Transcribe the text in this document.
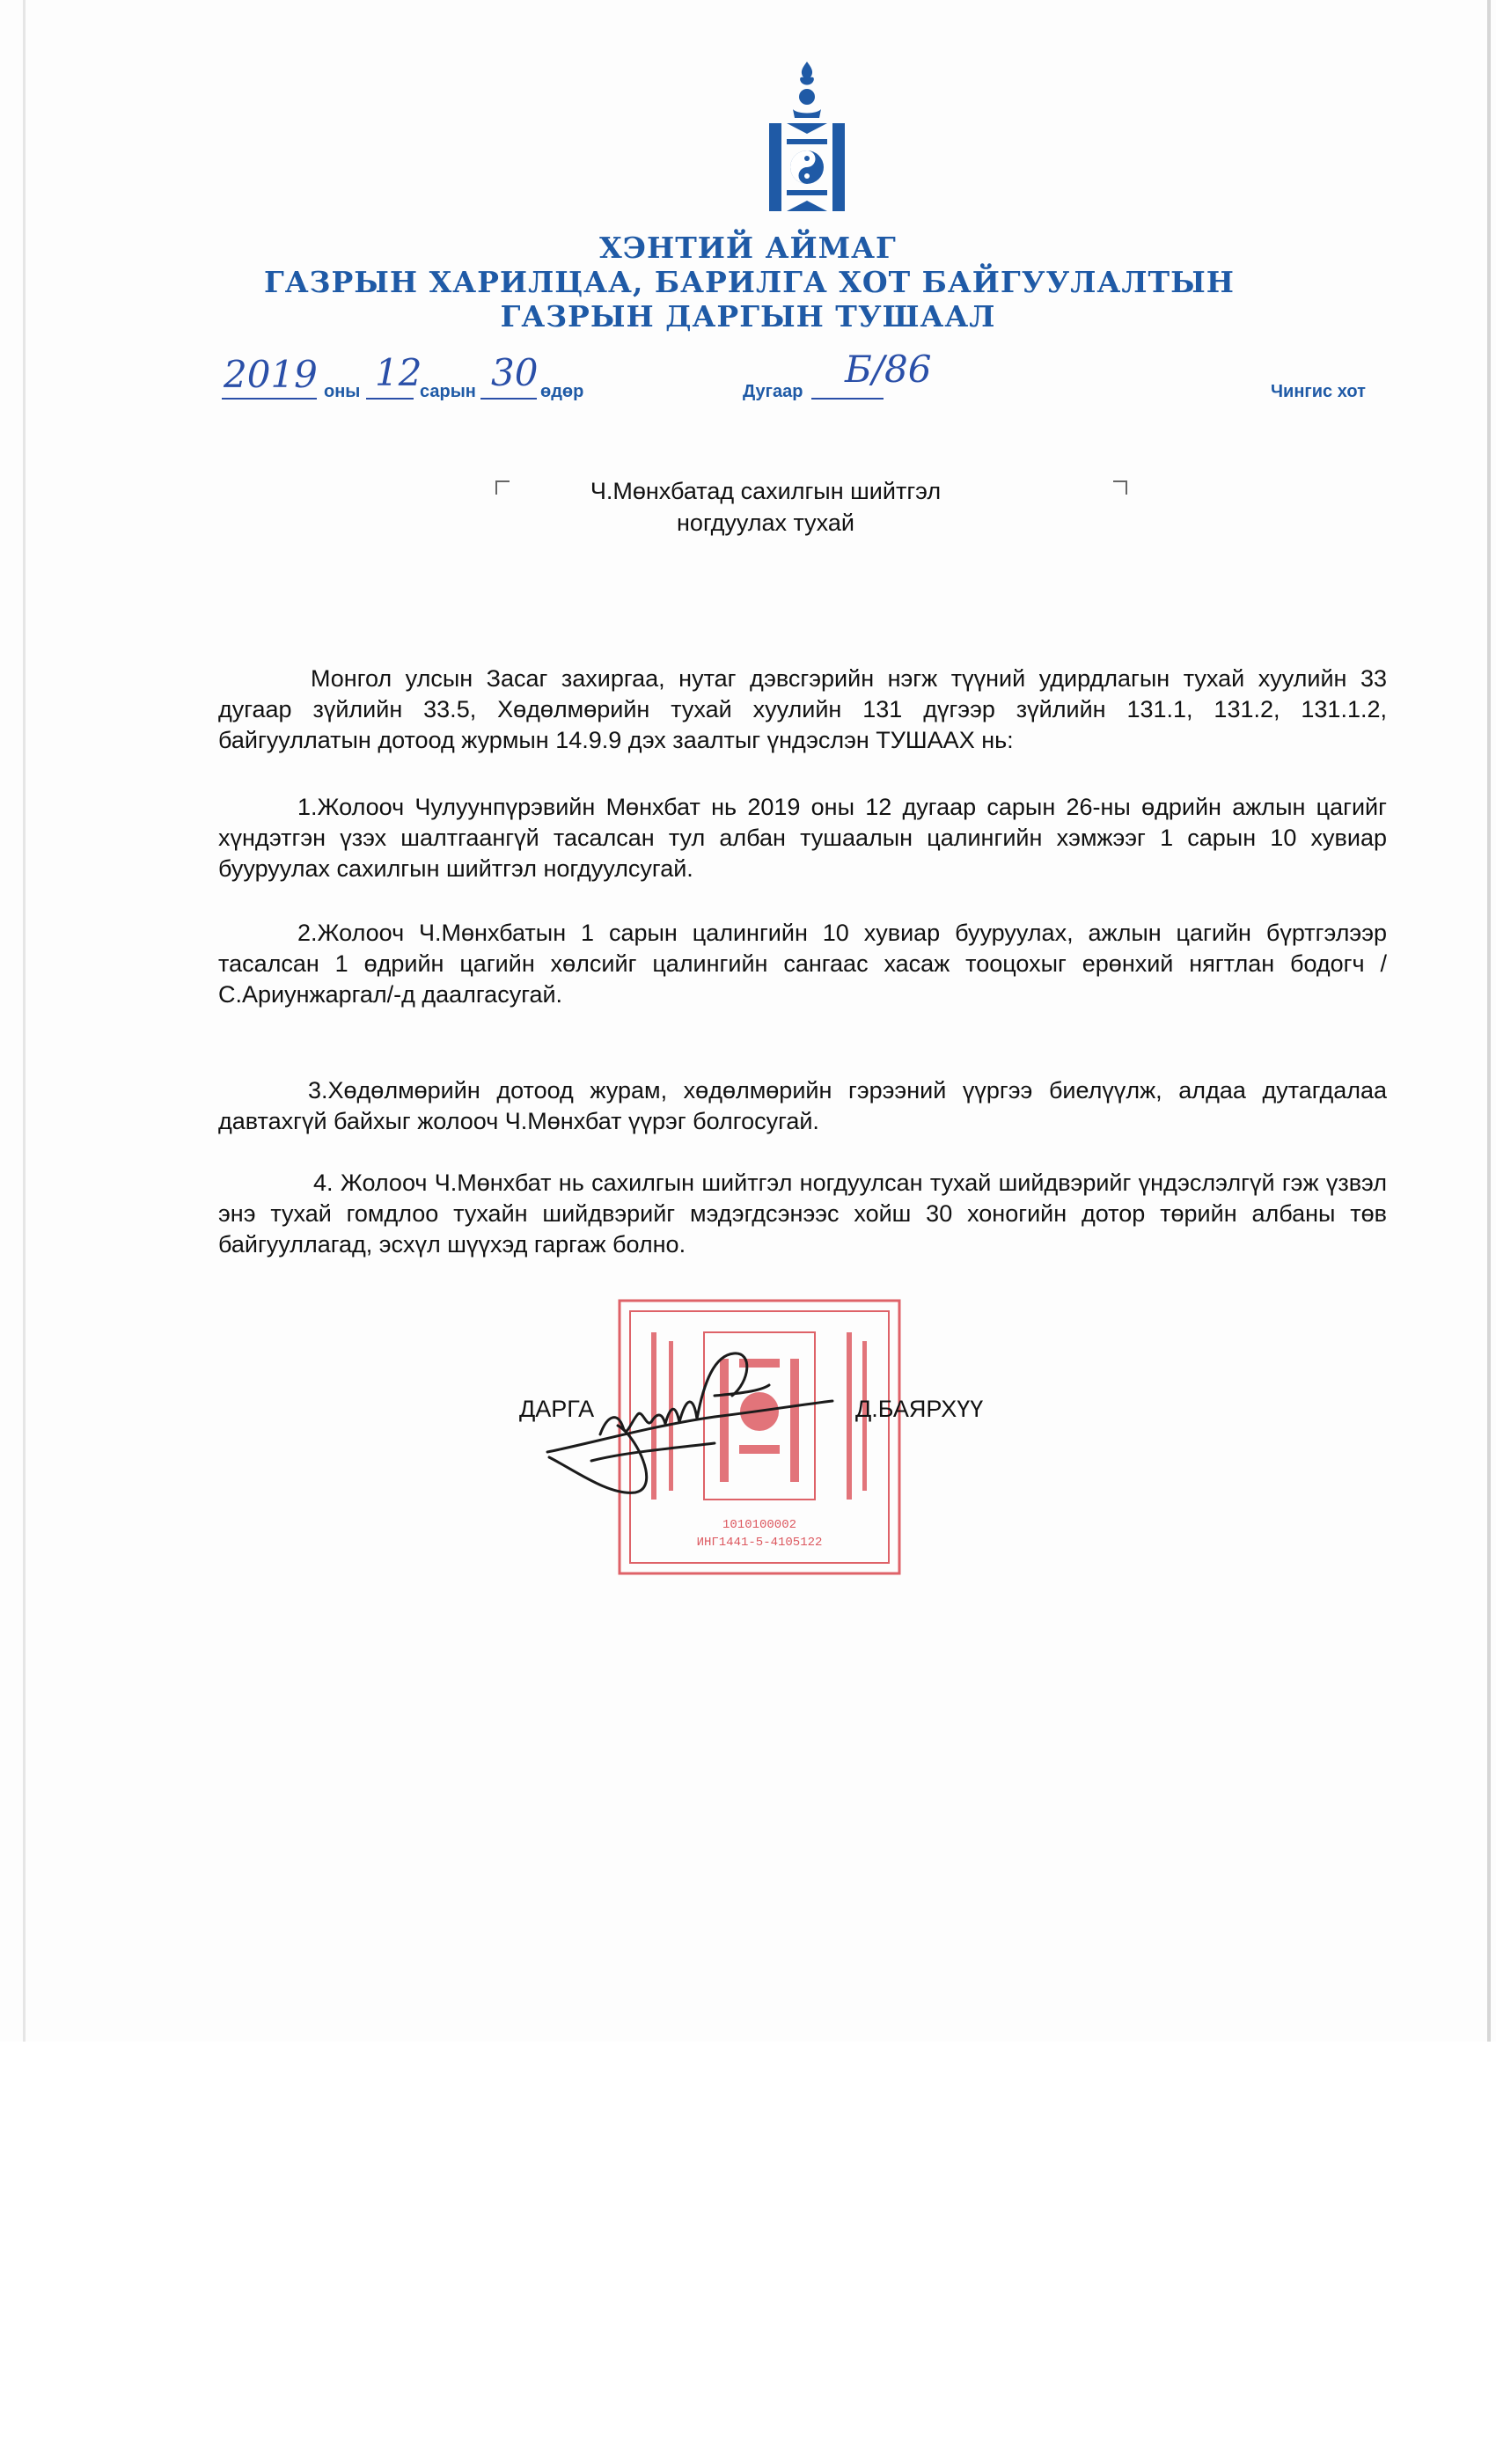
ХЭНТИЙ АЙМАГ
ГАЗРЫН ХАРИЛЦАА, БАРИЛГА ХОТ БАЙГУУЛАЛТЫН
ГАЗРЫН ДАРГЫН ТУШААЛ
2019 оны 12
сарын 30 өдөр	Дугаар
Б/86
Чингис хот
Ч.Мөнхбатад сахилгын шийтгэл
ногдуулах тухай

Монгол улсын Засаг захиргаа, нутаг дэвсгэрийн нэгж түүний удирдлагын тухай хуулийн 33 дугаар зүйлийн 33.5, Хөдөлмөрийн тухай хуулийн 131 дүгээр зүйлийн 131.1, 131.2, 131.1.2, байгууллатын дотоод журмын 14.9.9 дэх заалтыг үндэслэн ТУШААХ нь:

1.Жолооч Чулуунпүрэвийн Мөнхбат нь 2019 оны 12 дугаар сарын 26-ны өдрийн ажлын цагийг хүндэтгэн үзэх шалтгаангүй тасалсан тул албан тушаалын цалингийн хэмжээг 1 сарын 10 хувиар бууруулах сахилгын шийтгэл ногдуулсугай.

2.Жолооч Ч.Мөнхбатын 1 сарын цалингийн 10 хувиар бууруулах, ажлын цагийн бүртгэлээр тасалсан 1 өдрийн цагийн хөлсийг цалингийн сангаас хасаж тооцохыг ерөнхий нягтлан бодогч /С.Ариунжаргал/-д даалгасугай.

3.Хөдөлмөрийн дотоод журам, хөдөлмөрийн гэрээний үүргээ биелүүлж, алдаа дутагдалаа давтахгүй байхыг жолооч Ч.Мөнхбат үүрэг болгосугай.

4. Жолооч Ч.Мөнхбат нь сахилгын шийтгэл ногдуулсан тухай шийдвэрийг үндэслэлгүй гэж үзвэл энэ тухай гомдлоо тухайн шийдвэрийг мэдэгдсэнээс хойш 30 хоногийн дотор төрийн албаны төв байгууллагад, эсхүл шүүхэд гаргаж болно.

1010100002
ИНГ1441-5-4105122
ДАРГА	Д.БАЯРХҮҮ
